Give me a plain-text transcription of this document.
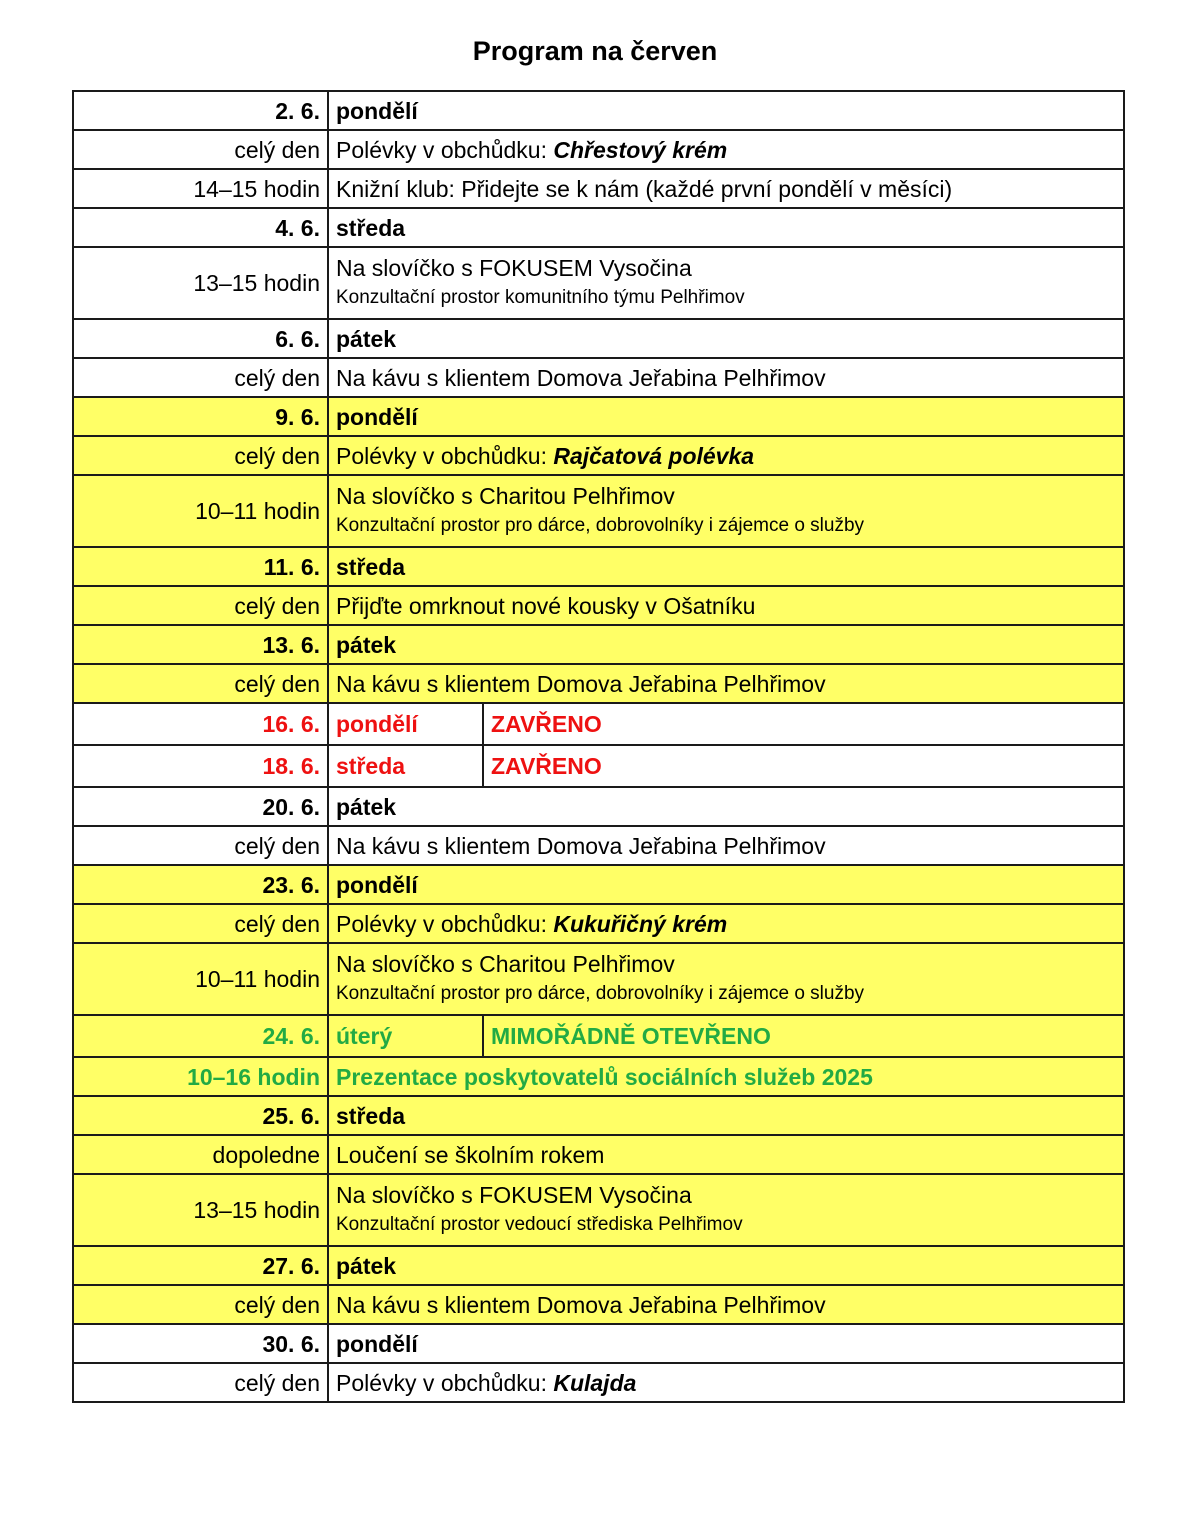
Program na červen
2. 6.	pondělí	
celý den	Polévky v obchůdku: Chřestový krém	
14–15 hodin	Knižní klub: Přidejte se k nám (každé první pondělí v měsíci)	
4. 6.	středa	
13–15 hodin	Na slovíčko s FOKUSEM Vysočina
Konzultační prostor komunitního týmu Pelhřimov	

6. 6.	pátek	
celý den	Na kávu s klientem Domova Jeřabina Pelhřimov	
9. 6.	pondělí	
celý den	Polévky v obchůdku: Rajčatová polévka	
10–11 hodin	Na slovíčko s Charitou Pelhřimov
Konzultační prostor pro dárce, dobrovolníky i zájemce o služby	

11. 6.	středa	
celý den	Přijďte omrknout nové kousky v Ošatníku	
13. 6.	pátek	
celý den	Na kávu s klientem Domova Jeřabina Pelhřimov	
16. 6.	pondělí	ZAVŘENO
18. 6.	středa	ZAVŘENO
20. 6.	pátek	
celý den	Na kávu s klientem Domova Jeřabina Pelhřimov	
23. 6.	pondělí	
celý den	Polévky v obchůdku: Kukuřičný krém	
10–11 hodin	Na slovíčko s Charitou Pelhřimov
Konzultační prostor pro dárce, dobrovolníky i zájemce o služby	

24. 6.	úterý	MIMOŘÁDNĚ OTEVŘENO
10–16 hodin	Prezentace poskytovatelů sociálních služeb 2025	
25. 6.	středa	
dopoledne	Loučení se školním rokem	
13–15 hodin	Na slovíčko s FOKUSEM Vysočina
Konzultační prostor vedoucí střediska Pelhřimov	

27. 6.	pátek	
celý den	Na kávu s klientem Domova Jeřabina Pelhřimov	
30. 6.	pondělí	
celý den	Polévky v obchůdku: Kulajda	
